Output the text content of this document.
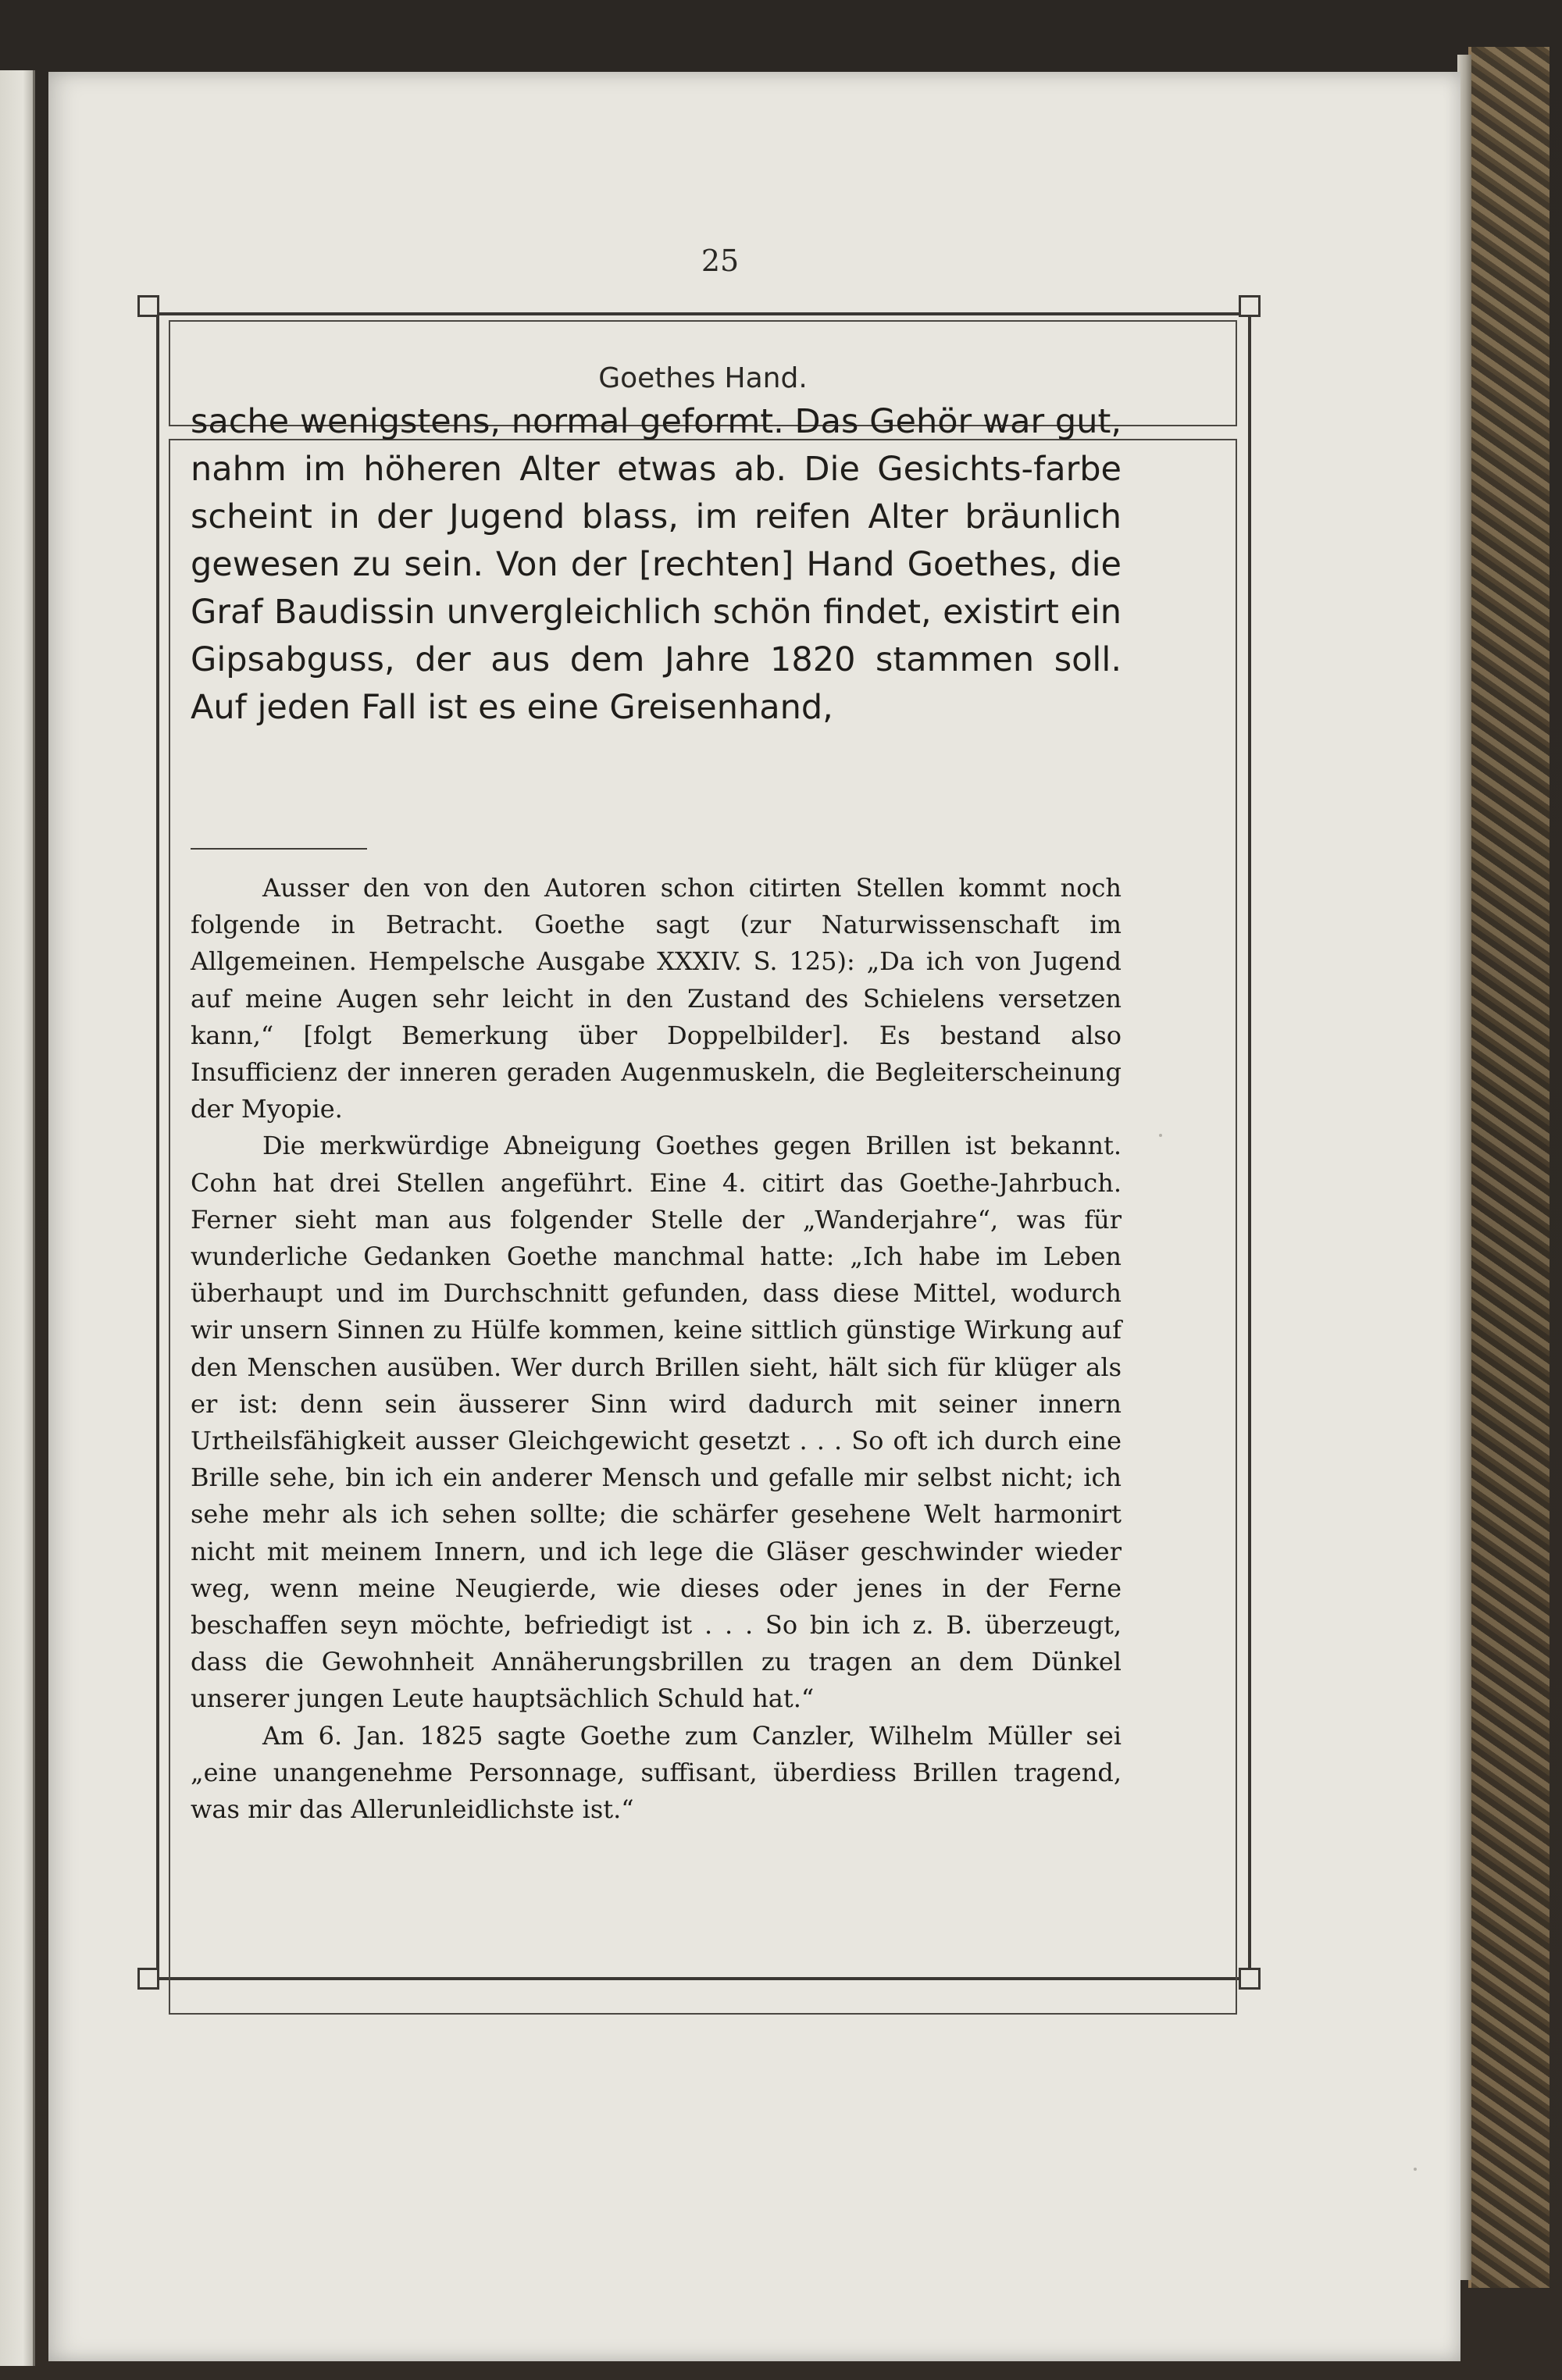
25

Goethes Hand.

sache wenigstens, normal geformt. Das Gehör war gut, nahm im höheren Alter etwas ab. Die Gesichts-farbe scheint in der Jugend blass, im reifen Alter bräunlich gewesen zu sein. Von der [rechten] Hand Goethes, die Graf Baudissin unvergleichlich schön findet, existirt ein Gipsabguss, der aus dem Jahre 1820 stammen soll. Auf jeden Fall ist es eine Greisenhand,

Ausser den von den Autoren schon citirten Stellen kommt noch folgende in Betracht. Goethe sagt (zur Naturwissenschaft im Allgemeinen. Hempelsche Ausgabe XXXIV. S. 125): „Da ich von Jugend auf meine Augen sehr leicht in den Zustand des Schielens versetzen kann,“ [folgt Bemerkung über Doppelbilder]. Es bestand also Insufficienz der inneren geraden Augenmuskeln, die Begleiterscheinung der Myopie.

Die merkwürdige Abneigung Goethes gegen Brillen ist bekannt. Cohn hat drei Stellen angeführt. Eine 4. citirt das Goethe-Jahrbuch. Ferner sieht man aus folgender Stelle der „Wanderjahre“, was für wunderliche Gedanken Goethe manchmal hatte: „Ich habe im Leben überhaupt und im Durchschnitt gefunden, dass diese Mittel, wodurch wir unsern Sinnen zu Hülfe kommen, keine sittlich günstige Wirkung auf den Menschen ausüben. Wer durch Brillen sieht, hält sich für klüger als er ist: denn sein äusserer Sinn wird dadurch mit seiner innern Urtheilsfähigkeit ausser Gleichgewicht gesetzt . . . So oft ich durch eine Brille sehe, bin ich ein anderer Mensch und gefalle mir selbst nicht; ich sehe mehr als ich sehen sollte; die schärfer gesehene Welt harmonirt nicht mit meinem Innern, und ich lege die Gläser geschwinder wieder weg, wenn meine Neugierde, wie dieses oder jenes in der Ferne beschaffen seyn möchte, befriedigt ist . . . So bin ich z. B. überzeugt, dass die Gewohnheit Annäherungsbrillen zu tragen an dem Dünkel unserer jungen Leute hauptsächlich Schuld hat.“

Am 6. Jan. 1825 sagte Goethe zum Canzler, Wilhelm Müller sei „eine unangenehme Personnage, suffisant, überdiess Brillen tragend, was mir das Allerunleidlichste ist.“
